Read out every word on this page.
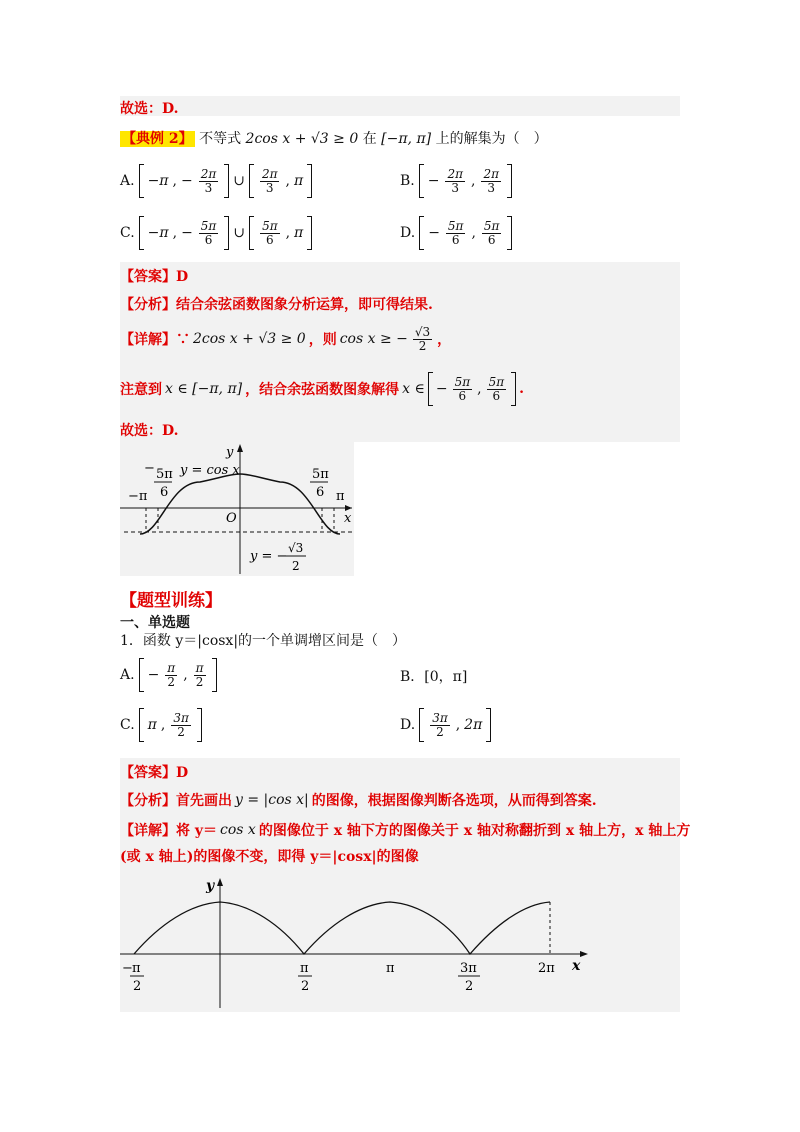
故选：D.
【典例 2】 不等式 2cos x + √3 ≥ 0 在 [−π, π] 上的解集为（　）
A. −π , − $\frac{2\pi}{3}$ ∪ $\frac{2\pi}{3}$ , π	B. − $\frac{2\pi}{3}$ , $\frac{2\pi}{3}$
C. −π , − $\frac{5\pi}{6}$ ∪ $\frac{5\pi}{6}$ , π	D. − $\frac{5\pi}{6}$ , $\frac{5\pi}{6}$
【答案】D
【分析】结合余弦函数图象分析运算，即可得结果.
【详解】∵ 2cos x + √3 ≥ 0 ，则 cos x ≥ − $\frac{√3}{2}$ ，
注意到 x ∈ [−π, π] ，结合余弦函数图象解得 x ∈ − $\frac{5\pi}{6}$ , $\frac{5\pi}{6}$ .
故选：D.
y
x
O
y = cos x
−π	π
− 5π
6
5π
6
y = −
√3
2
【题型训练】
一、单选题
1．函数 y＝|cosx|的一个单调增区间是（　）
A. − $\frac{\pi}{2}$ , $\frac{\pi}{2}$	B．[0，π]
C. π , $\frac{3\pi}{2}$	D. $\frac{3\pi}{2}$ , 2π
【答案】D
【分析】首先画出 y = |cos x| 的图像，根据图像判断各选项，从而得到答案.
【详解】将 y＝ cos x 的图像位于 x 轴下方的图像关于 x 轴对称翻折到 x 轴上方，x 轴上方
(或 x 轴上)的图像不变，即得 y＝|cosx|的图像
y
x
− π
2
π
2
π	3π
2
2π
